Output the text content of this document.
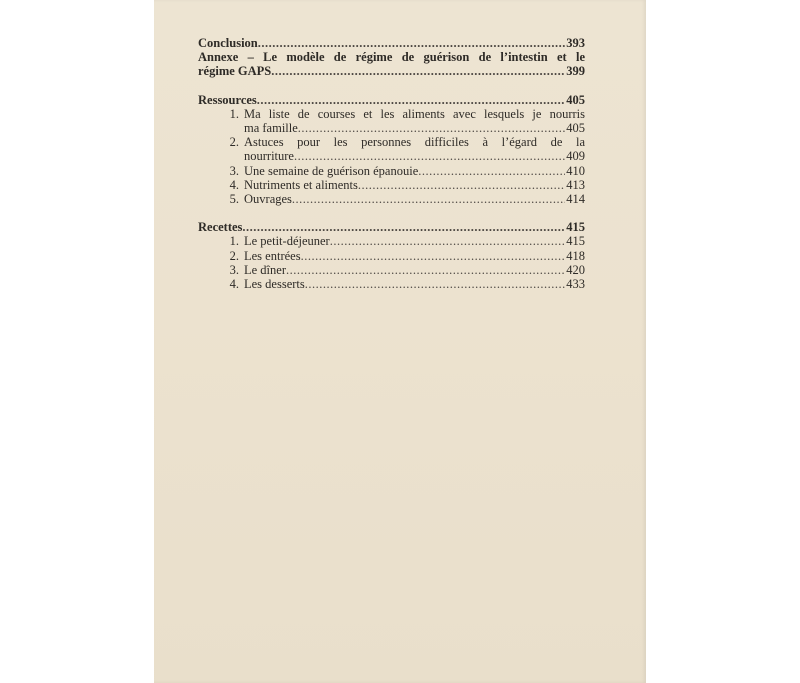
Conclusion .....	393
Annexe – Le modèle de régime de guérison de l’intestin et le
régime GAPS .....	399
Ressources .....	405
1. Ma liste de courses et les aliments avec lesquels je nourris
ma famille .....	405
2. Astuces pour les personnes difficiles à l’égard de la
nourriture .....	409
3. Une semaine de guérison épanouie .....	410
4. Nutriments et aliments .....	413
5. Ouvrages .....	414
Recettes .....	415
1. Le petit-déjeuner .....	415
2. Les entrées .....	418
3. Le dîner .....	420
4. Les desserts .....	433
